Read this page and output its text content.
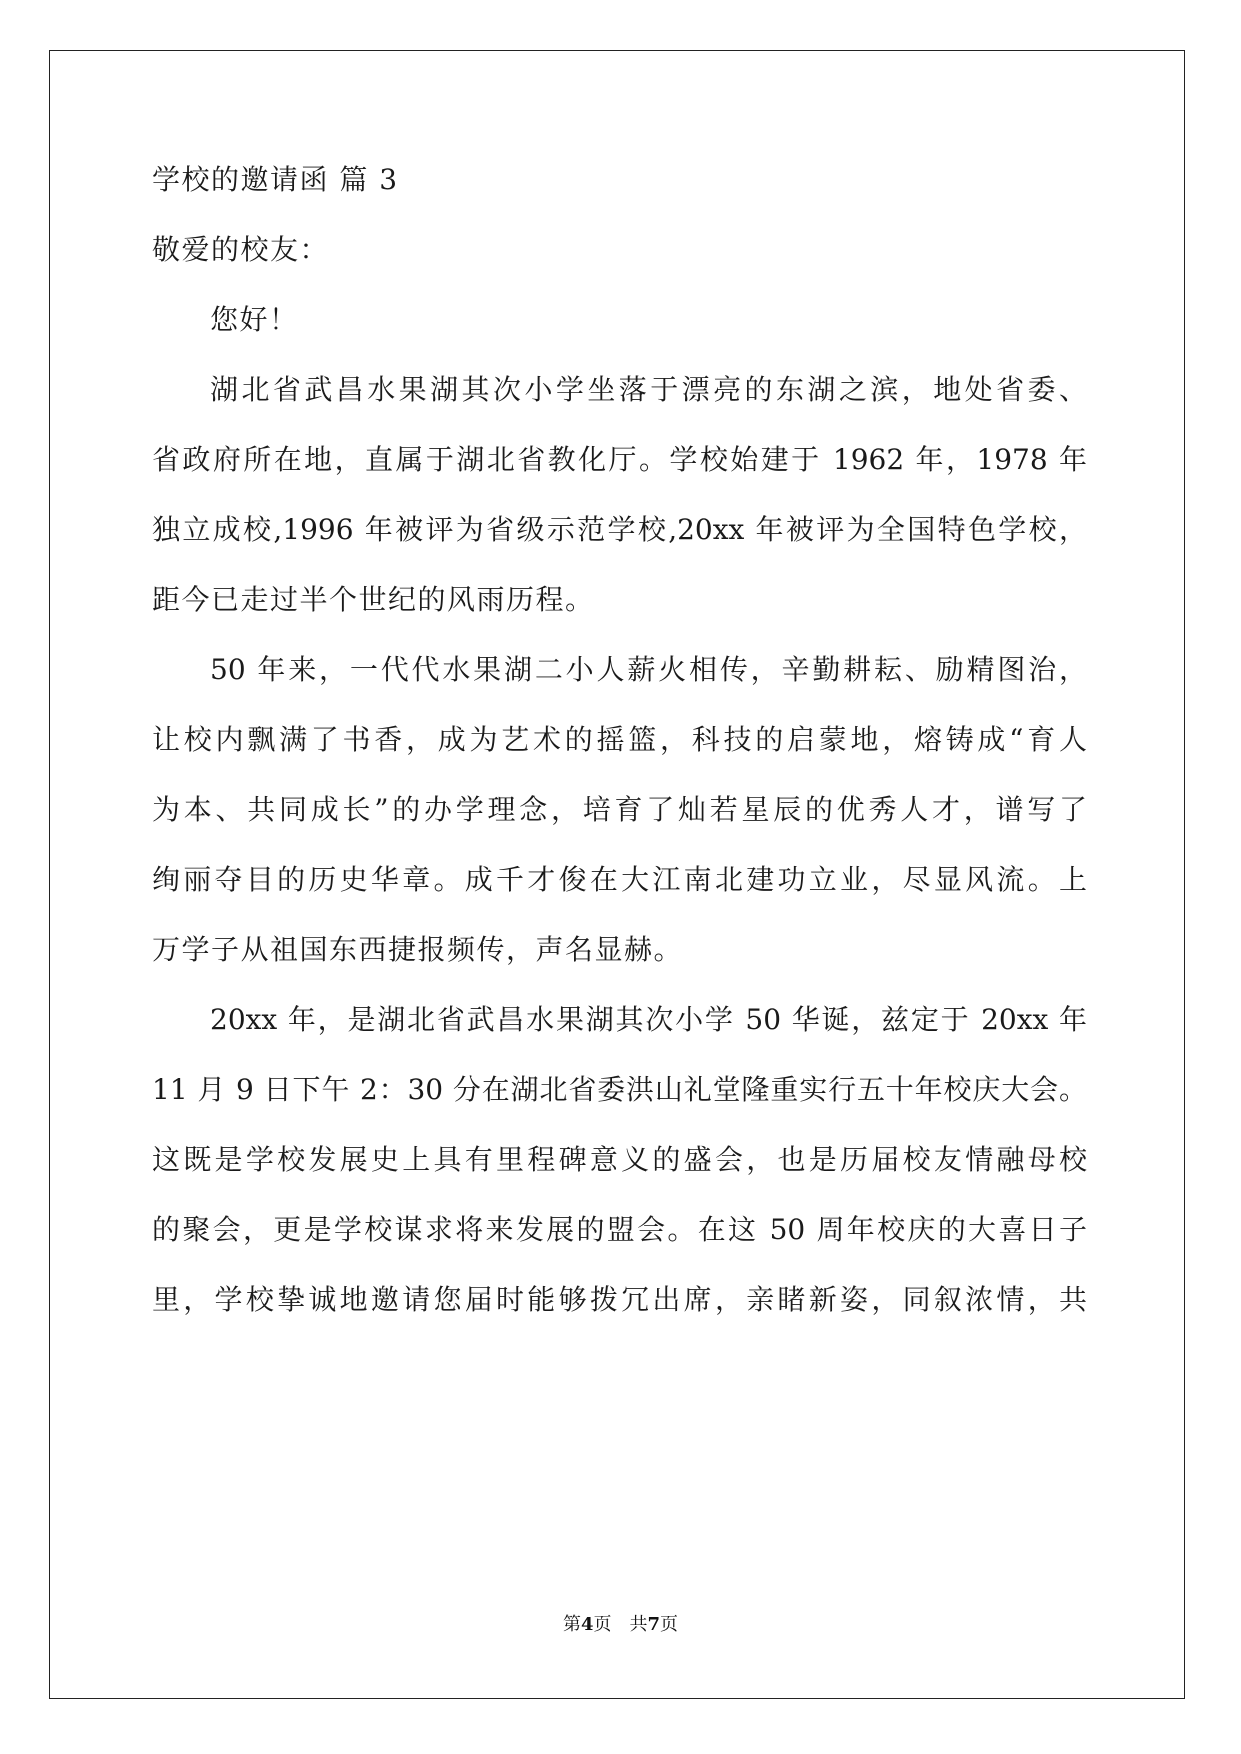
学校的邀请函 篇 3
敬爱的校友：
您好！
湖北省武昌水果湖其次小学坐落于漂亮的东湖之滨，地处省委、
省政府所在地，直属于湖北省教化厅。学校始建于 1962 年，1978 年
独立成校,1996 年被评为省级示范学校,20xx 年被评为全国特色学校，
距今已走过半个世纪的风雨历程。
50 年来，一代代水果湖二小人薪火相传，辛勤耕耘、励精图治，
让校内飘满了书香，成为艺术的摇篮，科技的启蒙地，熔铸成“育人
为本、共同成长”的办学理念，培育了灿若星辰的优秀人才，谱写了
绚丽夺目的历史华章。成千才俊在大江南北建功立业，尽显风流。上
万学子从祖国东西捷报频传，声名显赫。
20xx 年，是湖北省武昌水果湖其次小学 50 华诞，兹定于 20xx 年
11 月 9 日下午 2：30 分在湖北省委洪山礼堂隆重实行五十年校庆大会。
这既是学校发展史上具有里程碑意义的盛会，也是历届校友情融母校
的聚会，更是学校谋求将来发展的盟会。在这 50 周年校庆的大喜日子
里，学校挚诚地邀请您届时能够拨冗出席，亲睹新姿，同叙浓情，共
第4页　共7页
